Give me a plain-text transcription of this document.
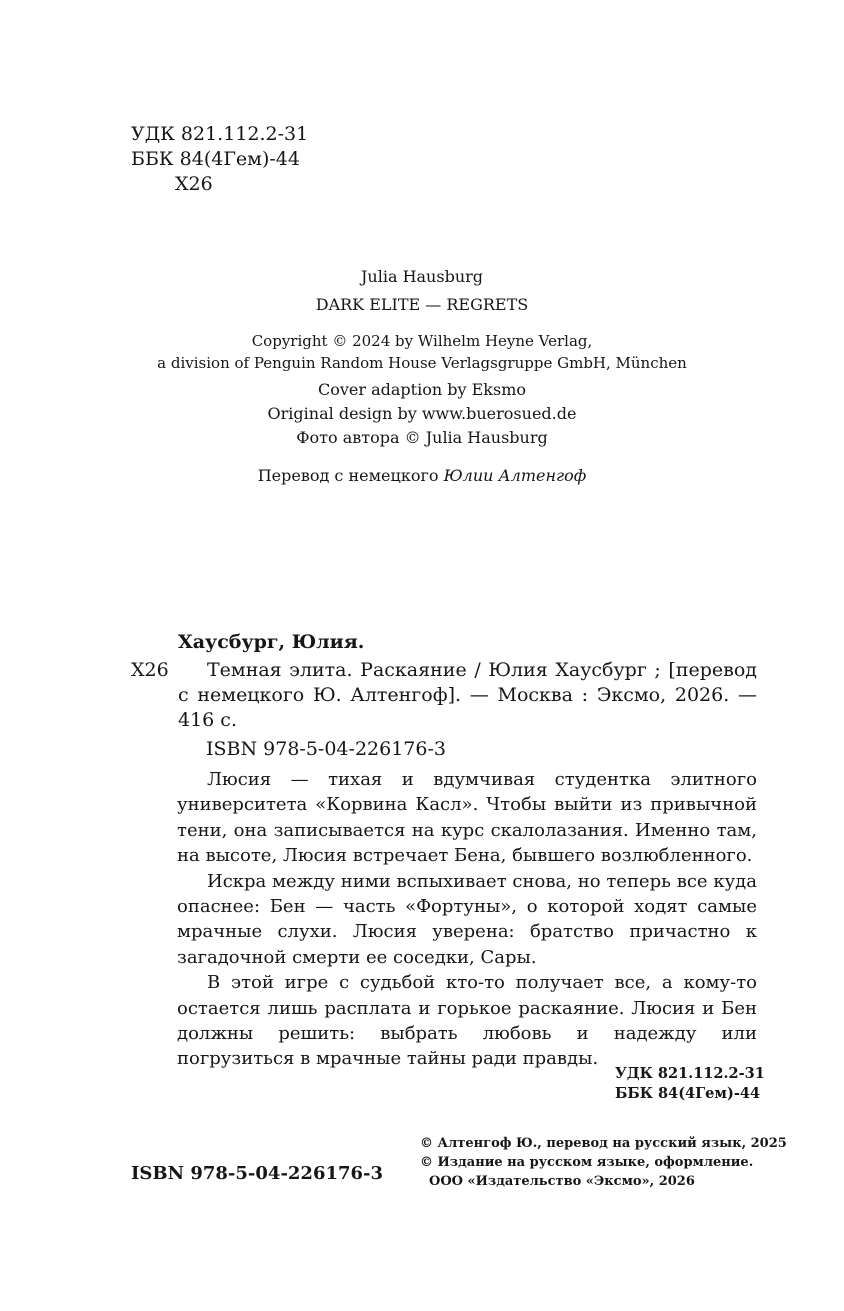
УДК 821.112.2-31
ББК 84(4Гем)-44
Х26
Julia Hausburg
DARK ELITE — REGRETS
Copyright © 2024 by Wilhelm Heyne Verlag,
a division of Penguin Random House Verlagsgruppe GmbH, München
Cover adaption by Eksmo
Original design by www.buerosued.de
Фото автора © Julia Hausburg
Перевод с немецкого Юлии Алтенгоф
Хаусбург, Юлия.
Х26	Темная элита. Раскаяние / Юлия Хаусбург ; [перевод с немецкого Ю. Алтенгоф]. — Москва : Эксмо, 2026. — 416 с.
ISBN 978-5-04-226176-3

Люсия — тихая и вдумчивая студентка элитного университета «Корвина Касл». Чтобы выйти из привычной тени, она записывается на курс скалолазания. Именно там, на высоте, Люсия встречает Бена, бывшего возлюбленного.

Искра между ними вспыхивает снова, но теперь все куда опаснее: Бен — часть «Фортуны», о которой ходят самые мрачные слухи. Люсия уверена: братство причастно к загадочной смерти ее соседки, Сары.

В этой игре с судьбой кто-то получает все, а кому-то остается лишь расплата и горькое раскаяние. Люсия и Бен должны решить: выбрать любовь и надежду или погрузиться в мрачные тайны ради правды.

УДК 821.112.2-31
ББК 84(4Гем)-44
ISBN 978-5-04-226176-3
© Алтенгоф Ю., перевод на русский язык, 2025
© Издание на русском языке, оформление.
ООО «Издательство «Эксмо», 2026
